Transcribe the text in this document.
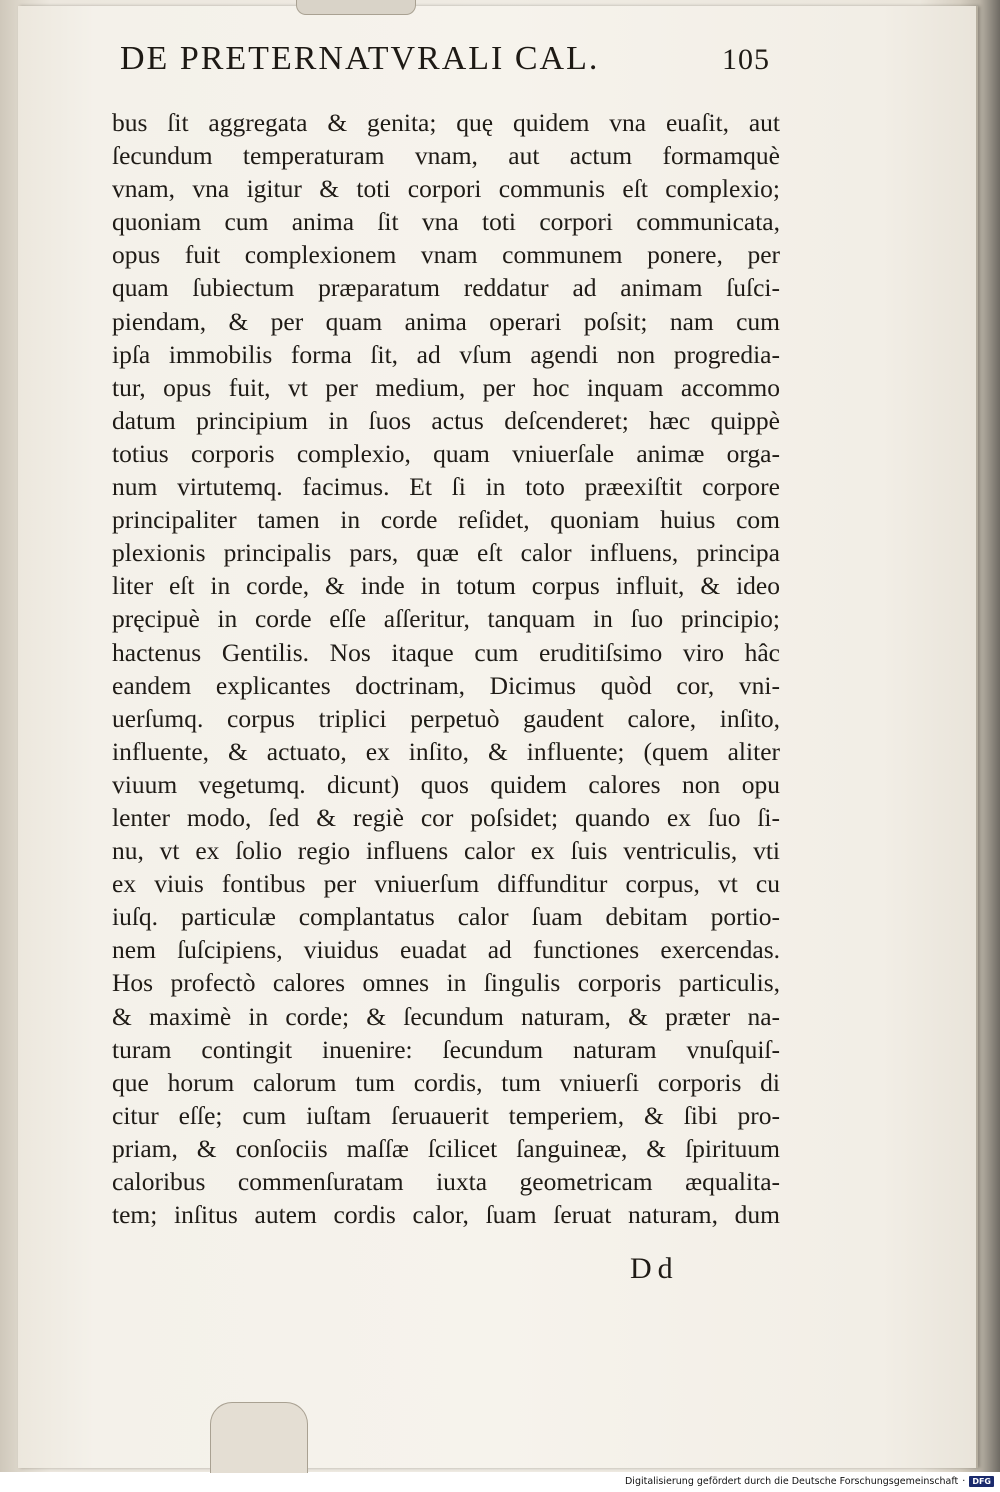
DE PRETERNATVRALI CAL.	105
bus ſit aggregata & genita; quę quidem vna euaſit, aut
ſecundum temperaturam vnam, aut actum formamquè
vnam, vna igitur & toti corpori communis eſt complexio;
quoniam cum anima ſit vna toti corpori communicata,
opus fuit complexionem vnam communem ponere, per
quam ſubiectum præparatum reddatur ad animam ſuſci-
piendam, & per quam anima operari poſsit; nam cum
ipſa immobilis forma ſit, ad vſum agendi non progredia-
tur, opus fuit, vt per medium, per hoc inquam accommo
datum principium in ſuos actus deſcenderet; hæc quippè
totius corporis complexio, quam vniuerſale animæ orga-
num virtutemq. facimus. Et ſi in toto præexiſtit corpore
principaliter tamen in corde reſidet, quoniam huius com
plexionis principalis pars, quæ eſt calor influens, principa
liter eſt in corde, & inde in totum corpus influit, & ideo
pręcipuè in corde eſſe aſſeritur, tanquam in ſuo principio;
hactenus Gentilis. Nos itaque cum eruditiſsimo viro hâc
eandem explicantes doctrinam, Dicimus quòd cor, vni-
uerſumq. corpus triplici perpetuò gaudent calore, inſito,
influente, & actuato, ex inſito, & influente; (quem aliter
viuum vegetumq. dicunt) quos quidem calores non opu
lenter modo, ſed & regiè cor poſsidet; quando ex ſuo ſi-
nu, vt ex ſolio regio influens calor ex ſuis ventriculis, vti
ex viuis fontibus per vniuerſum diffunditur corpus, vt cu
iuſq. particulæ complantatus calor ſuam debitam portio-
nem ſuſcipiens, viuidus euadat ad functiones exercendas.
Hos profectò calores omnes in ſingulis corporis particulis,
& maximè in corde; & ſecundum naturam, & præter na-
turam contingit inuenire: ſecundum naturam vnuſquiſ-
que horum calorum tum cordis, tum vniuerſi corporis di
citur eſſe; cum iuſtam ſeruauerit temperiem, & ſibi pro-
priam, & conſociis maſſæ ſcilicet ſanguineæ, & ſpirituum
caloribus commenſuratam iuxta geometricam æqualita-
tem; inſitus autem cordis calor, ſuam ſeruat naturam, dum
Dd
Digitalisierung gefördert durch die Deutsche Forschungsgemeinschaft · DFG
